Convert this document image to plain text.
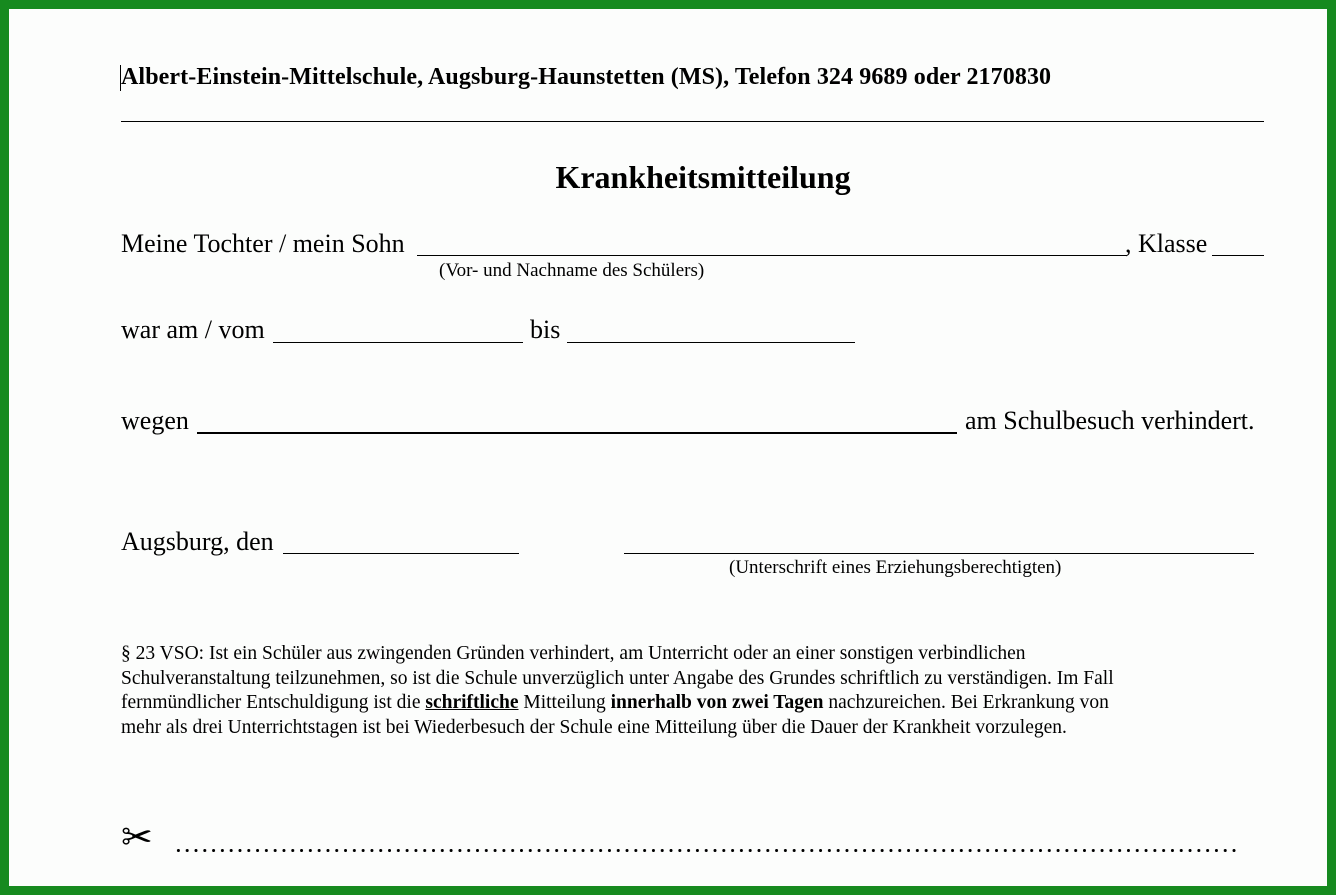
Albert-Einstein-Mittelschule, Augsburg-Haunstetten (MS), Telefon 324 9689 oder 2170830
Krankheitsmitteilung
Meine Tochter / mein Sohn	, Klasse
(Vor- und Nachname des Schülers)
war am / vom	bis
wegen	am Schulbesuch verhindert.
Augsburg, den
(Unterschrift eines Erziehungsberechtigten)

§ 23 VSO: Ist ein Schüler aus zwingenden Gründen verhindert, am Unterricht oder an einer sonstigen verbindlichen

Schulveranstaltung teilzunehmen, so ist die Schule unverzüglich unter Angabe des Grundes schriftlich zu verständigen. Im Fall

fernmündlicher Entschuldigung ist die schriftliche Mitteilung innerhalb von zwei Tagen nachzureichen. Bei Erkrankung von

mehr als drei Unterrichtstagen ist bei Wiederbesuch der Schule eine Mitteilung über die Dauer der Krankheit vorzulegen.

✂
